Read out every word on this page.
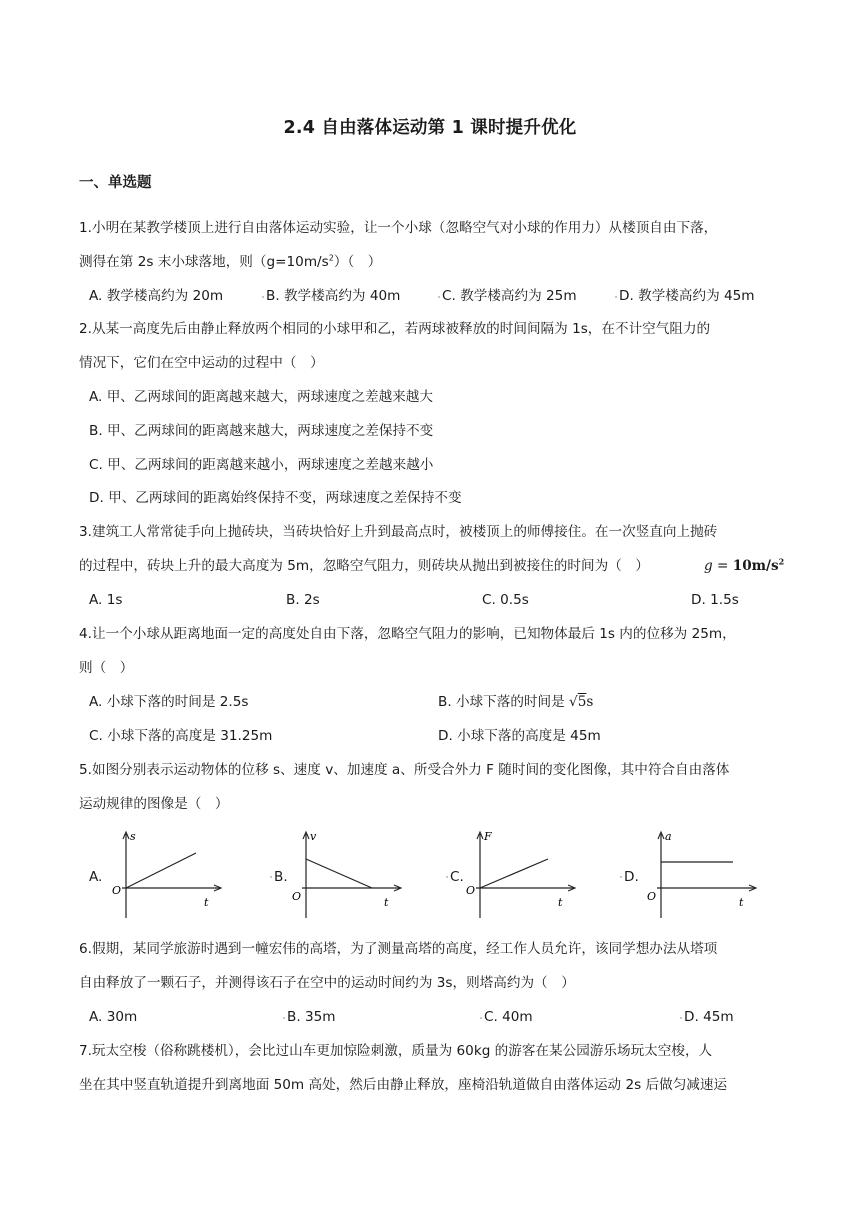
2.4 自由落体运动第 1 课时提升优化
一、单选题
1.小明在某教学楼顶上进行自由落体运动实验，让一个小球（忽略空气对小球的作用力）从楼顶自由下落，
测得在第 2s 末小球落地，则$(g=10m/s^2)$（　）
A. 教学楼高约为 20m	B. 教学楼高约为 40m	C. 教学楼高约为 25m	D. 教学楼高约为 45m
2.从某一高度先后由静止释放两个相同的小球甲和乙，若两球被释放的时间间隔为 1s，在不计空气阻力的
情况下，它们在空中运动的过程中（　）
A. 甲、乙两球间的距离越来越大，两球速度之差越来越大
B. 甲、乙两球间的距离越来越大，两球速度之差保持不变
C. 甲、乙两球间的距离越来越小，两球速度之差越来越小
D. 甲、乙两球间的距离始终保持不变，两球速度之差保持不变
3.建筑工人常常徒手向上抛砖块，当砖块恰好上升到最高点时，被楼顶上的师傅接住。在一次竖直向上抛砖
的过程中，砖块上升的最大高度为 5m，忽略空气阻力，则砖块从抛出到被接住的时间为（　）	$g = 10m/s^2$
A. 1s	B. 2s	C. 0.5s	D. 1.5s
4.让一个小球从距离地面一定的高度处自由下落，忽略空气阻力的影响，已知物体最后 1s 内的位移为 25m，
则（　）
A. 小球下落的时间是 2.5s	B. 小球下落的时间是 √5s
C. 小球下落的高度是 31.25m	D. 小球下落的高度是 45m
5.如图分别表示运动物体的位移 s、速度 v、加速度 a、所受合外力 F 随时间的变化图像，其中符合自由落体
运动规律的图像是（　）
A.
s
t
O
B.
v
t
O
C.
F
t
O
D.
a
t
O
6.假期，某同学旅游时遇到一幢宏伟的高塔，为了测量高塔的高度，经工作人员允许，该同学想办法从塔项
自由释放了一颗石子，并测得该石子在空中的运动时间约为 3s，则塔高约为（　）
A. 30m	B. 35m	C. 40m	D. 45m
7.玩太空梭（俗称跳楼机），会比过山车更加惊险刺激，质量为 60kg 的游客在某公园游乐场玩太空梭，人
坐在其中竖直轨道提升到离地面 50m 高处，然后由静止释放，座椅沿轨道做自由落体运动 2s 后做匀减速运
